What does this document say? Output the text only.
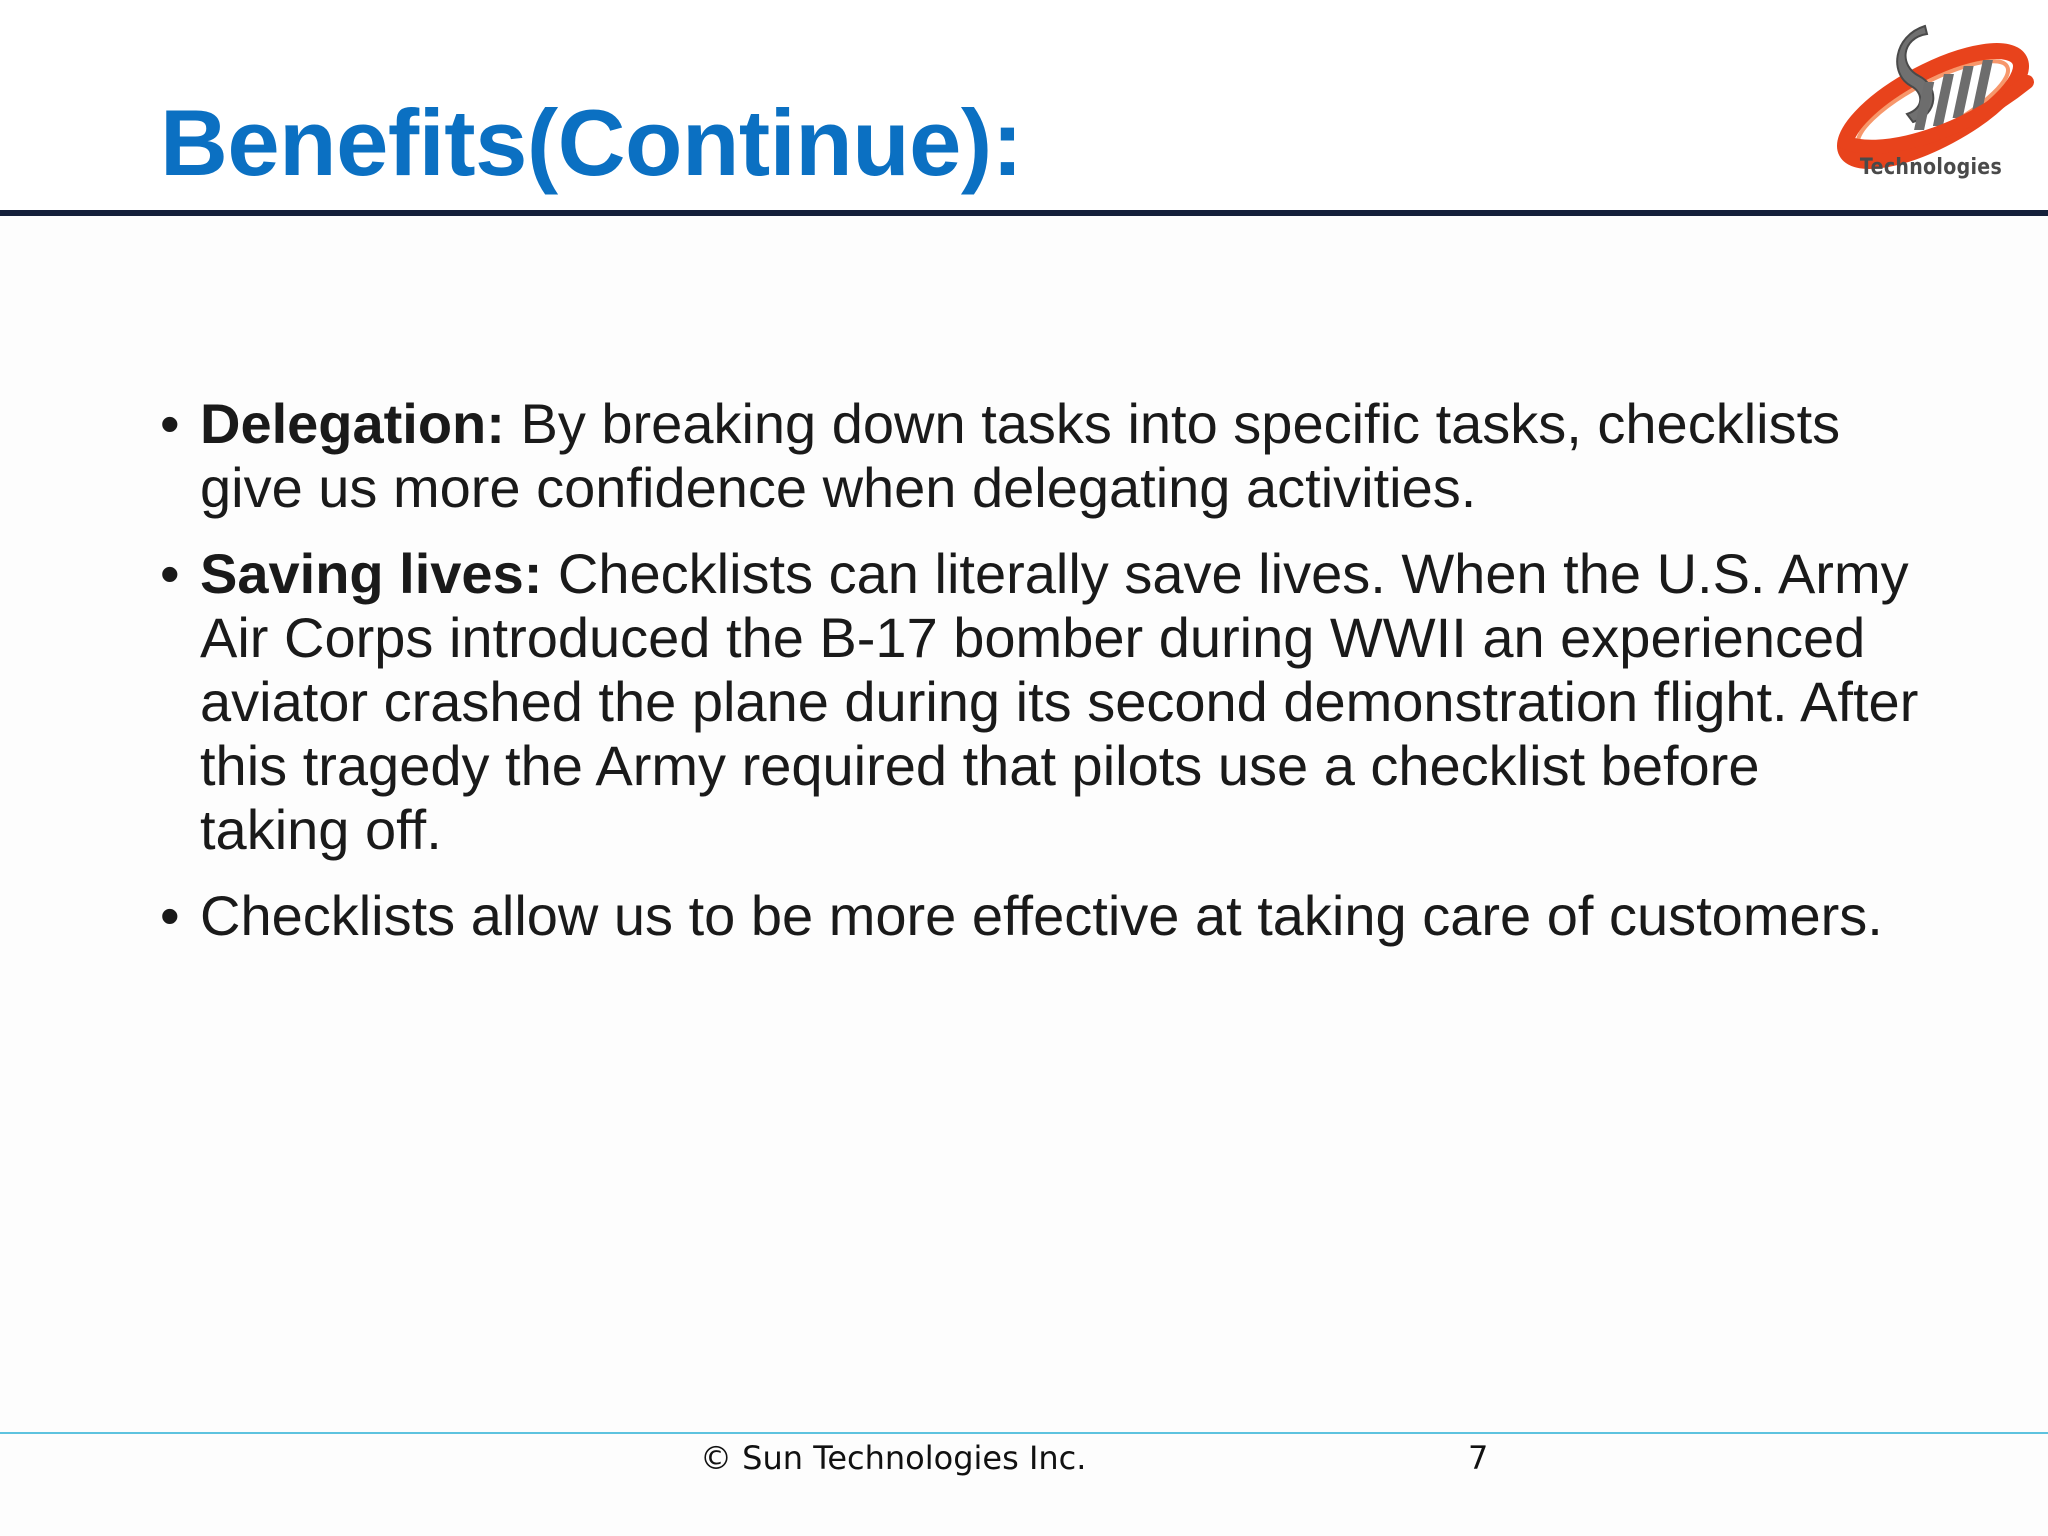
Benefits(Continue):	Technologies
• Delegation: By breaking down tasks into specific tasks, checklists give us more confidence when delegating activities.
• Saving lives: Checklists can literally save lives. When the U.S. Army Air Corps introduced the B-17 bomber during WWII an experienced aviator crashed the plane during its second demonstration flight. After this tragedy the Army required that pilots use a checklist before taking off.
• Checklists allow us to be more effective at taking care of customers.
© Sun Technologies Inc.	7
